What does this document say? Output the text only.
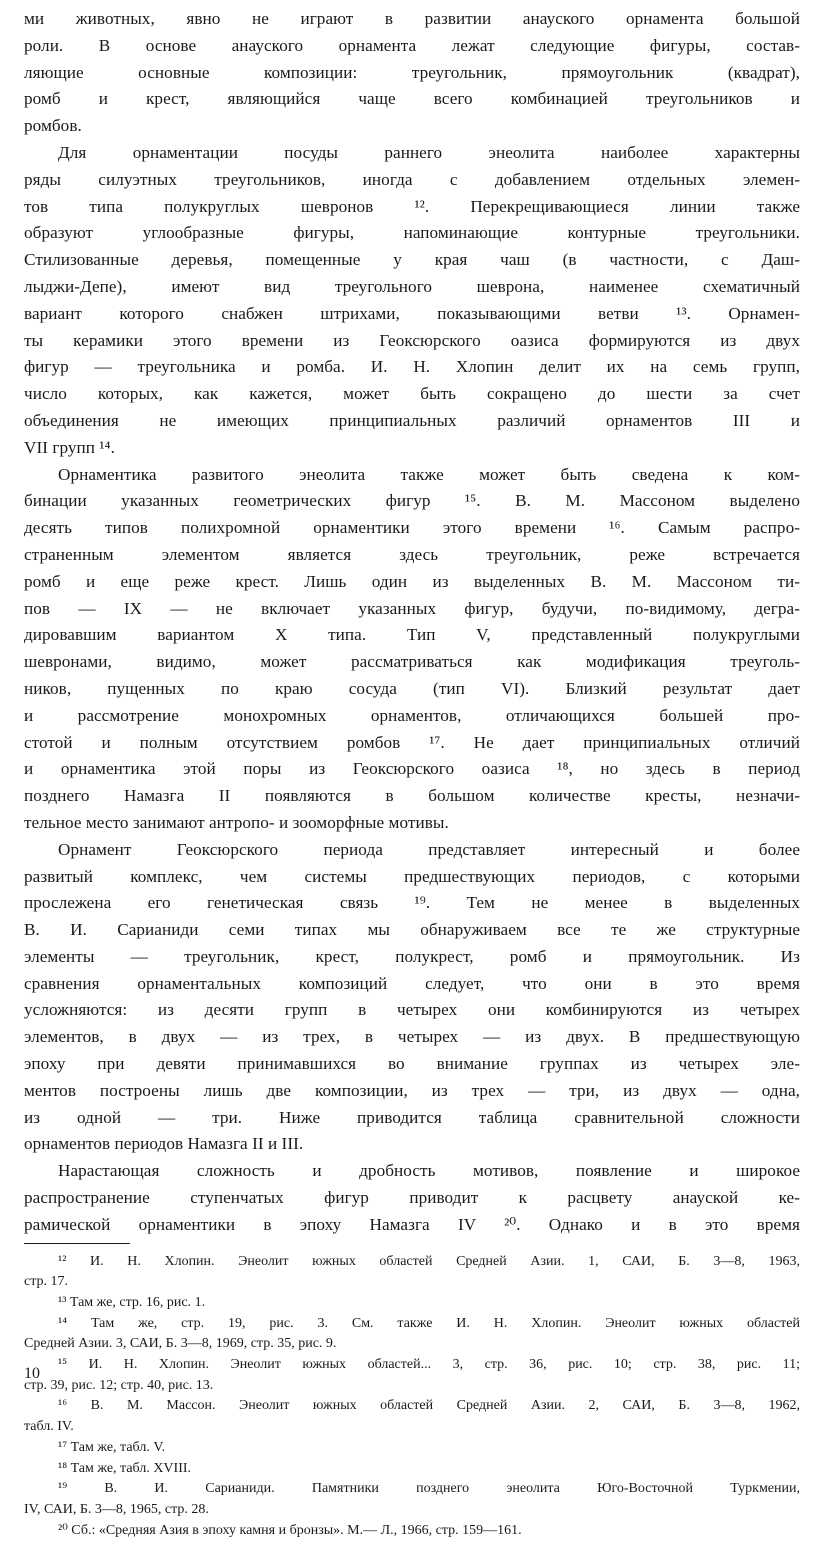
ми животных, явно не играют в развитии анауского орнамента большой
роли. В основе анауского орнамента лежат следующие фигуры, состав-
ляющие основные композиции: треугольник, прямоугольник (квадрат),
ромб и крест, являющийся чаще всего комбинацией треугольников и
ромбов.
Для орнаментации посуды раннего энеолита наиболее характерны
ряды силуэтных треугольников, иногда с добавлением отдельных элемен-
тов типа полукруглых шевронов ¹². Перекрещивающиеся линии также
образуют углообразные фигуры, напоминающие контурные треугольники.
Стилизованные деревья, помещенные у края чаш (в частности, с Даш-
лыджи-Депе), имеют вид треугольного шеврона, наименее схематичный
вариант которого снабжен штрихами, показывающими ветви ¹³. Орнамен-
ты керамики этого времени из Геоксюрского оазиса формируются из двух
фигур — треугольника и ромба. И. Н. Хлопин делит их на семь групп,
число которых, как кажется, может быть сокращено до шести за счет
объединения не имеющих принципиальных различий орнаментов III и
VII групп ¹⁴.
Орнаментика развитого энеолита также может быть сведена к ком-
бинации указанных геометрических фигур ¹⁵. В. М. Массоном выделено
десять типов полихромной орнаментики этого времени ¹⁶. Самым распро-
страненным элементом является здесь треугольник, реже встречается
ромб и еще реже крест. Лишь один из выделенных В. М. Массоном ти-
пов — IX — не включает указанных фигур, будучи, по-видимому, дегра-
дировавшим вариантом X типа. Тип V, представленный полукруглыми
шевронами, видимо, может рассматриваться как модификация треуголь-
ников, пущенных по краю сосуда (тип VI). Близкий результат дает
и рассмотрение монохромных орнаментов, отличающихся большей про-
стотой и полным отсутствием ромбов ¹⁷. Не дает принципиальных отличий
и орнаментика этой поры из Геоксюрского оазиса ¹⁸, но здесь в период
позднего Намазга II появляются в большом количестве кресты, незначи-
тельное место занимают антропо- и зооморфные мотивы.
Орнамент Геоксюрского периода представляет интересный и более
развитый комплекс, чем системы предшествующих периодов, с которыми
прослежена его генетическая связь ¹⁹. Тем не менее в выделенных
В. И. Сарианиди семи типах мы обнаруживаем все те же структурные
элементы — треугольник, крест, полукрест, ромб и прямоугольник. Из
сравнения орнаментальных композиций следует, что они в это время
усложняются: из десяти групп в четырех они комбинируются из четырех
элементов, в двух — из трех, в четырех — из двух. В предшествующую
эпоху при девяти принимавшихся во внимание группах из четырех эле-
ментов построены лишь две композиции, из трех — три, из двух — одна,
из одной — три. Ниже приводится таблица сравнительной сложности
орнаментов периодов Намазга II и III.
Нарастающая сложность и дробность мотивов, появление и широкое
распространение ступенчатых фигур приводит к расцвету анауской ке-
рамической орнаментики в эпоху Намазга IV ²⁰. Однако и в это время
¹² И. Н. Хлопин. Энеолит южных областей Средней Азии. 1, САИ, Б. 3—8, 1963,
стр. 17.
¹³ Там же, стр. 16, рис. 1.
¹⁴ Там же, стр. 19, рис. 3. См. также И. Н. Хлопин. Энеолит южных областей
Средней Азии. 3, САИ, Б. 3—8, 1969, стр. 35, рис. 9.
¹⁵ И. Н. Хлопин. Энеолит южных областей... 3, стр. 36, рис. 10; стр. 38, рис. 11;
стр. 39, рис. 12; стр. 40, рис. 13.
¹⁶ В. М. Массон. Энеолит южных областей Средней Азии. 2, САИ, Б. 3—8, 1962,
табл. IV.
¹⁷ Там же, табл. V.
¹⁸ Там же, табл. XVIII.
¹⁹ В. И. Сарианиди. Памятники позднего энеолита Юго-Восточной Туркмении,
IV, САИ, Б. 3—8, 1965, стр. 28.
²⁰ Сб.: «Средняя Азия в эпоху камня и бронзы». М.— Л., 1966, стр. 159—161.
10
